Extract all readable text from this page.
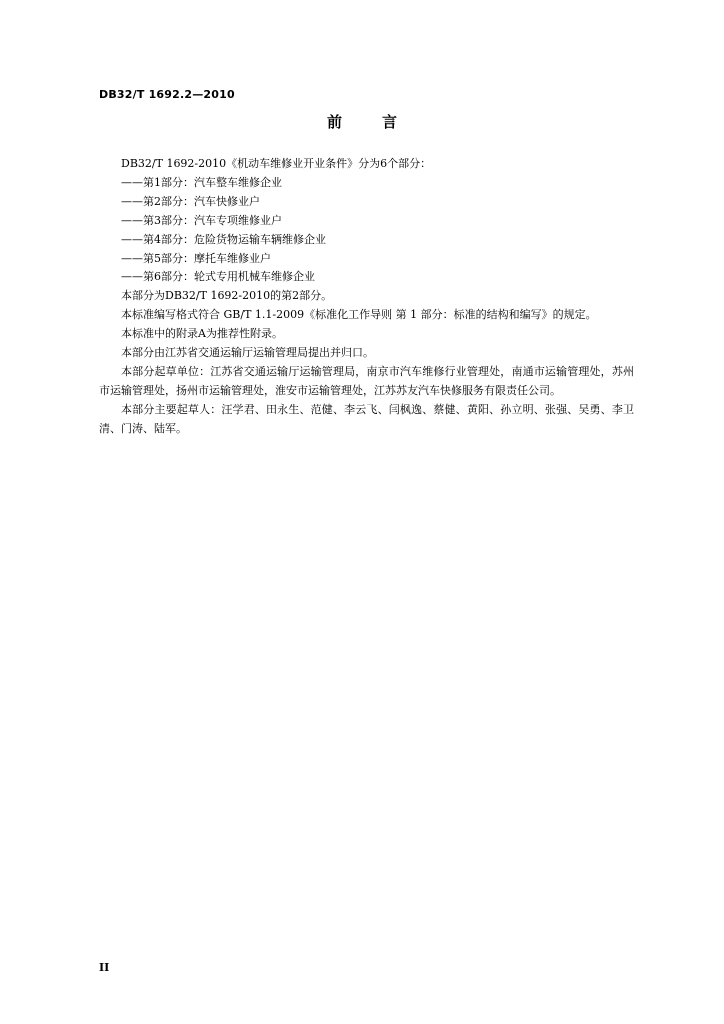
DB32/T 1692.2—2010
前	言

DB32/T 1692-2010《机动车维修业开业条件》分为6个部分：

——第1部分：汽车整车维修企业
——第2部分：汽车快修业户
——第3部分：汽车专项维修业户
——第4部分：危险货物运输车辆维修企业
——第5部分：摩托车维修业户
——第6部分：轮式专用机械车维修企业

本部分为DB32/T 1692-2010的第2部分。

本标准编写格式符合 GB/T 1.1-2009《标准化工作导则 第 1 部分：标准的结构和编写》的规定。

本标准中的附录A为推荐性附录。

本部分由江苏省交通运输厅运输管理局提出并归口。

本部分起草单位：江苏省交通运输厅运输管理局，南京市汽车维修行业管理处，南通市运输管理处，苏州市运输管理处，扬州市运输管理处，淮安市运输管理处，江苏苏友汽车快修服务有限责任公司。

本部分主要起草人：汪学君、田永生、范健、李云飞、闫枫逸、蔡健、黄阳、孙立明、张强、吴勇、李卫清、门涛、陆军。

II
